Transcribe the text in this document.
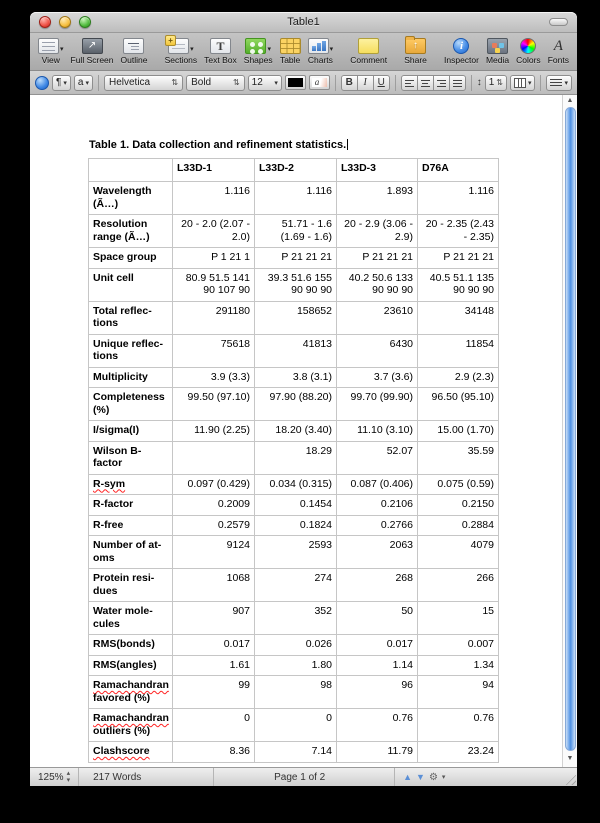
Table1
▾
View
↗ Full Screen Outline
+
▾
Sections
T Text Box
▾
Shapes Table
▾
Charts Comment
↑ Share
i Inspector Media Colors
A Fonts
¶ ▾ a ▾ Helvetica	⇅ Bold	⇅ 12 ▾	a	B	I	U	↕ 1 ⇅	▾	▾

Table 1. Data collection and refinement statistics.

	L33D-1	L33D-2	L33D-3	D76A
Wavelength (Ã…)	1.116	1.116	1.893	1.116
Resolution range (Ã…)	20 - 2.0 (2.07 - 2.0)	51.71 - 1.6 (1.69 - 1.6)	20 - 2.9 (3.06 - 2.9)	20 - 2.35 (2.43 - 2.35)
Space group	P 1 21 1	P 21 21 21	P 21 21 21	P 21 21 21
Unit cell	80.9 51.5 141 90 107 90	39.3 51.6 155 90 90 90	40.2 50.6 133 90 90 90	40.5 51.1 135 90 90 90
Total reflec-tions	291180	158652	23610	34148
Unique reflec-tions	75618	41813	6430	11854
Multiplicity	3.9 (3.3)	3.8 (3.1)	3.7 (3.6)	2.9 (2.3)
Completeness (%)	99.50 (97.10)	97.90 (88.20)	99.70 (99.90)	96.50 (95.10)
I/sigma(I)	11.90 (2.25)	18.20 (3.40)	11.10 (3.10)	15.00 (1.70)
Wilson B-factor		18.29	52.07	35.59
R-sym	0.097 (0.429)	0.034 (0.315)	0.087 (0.406)	0.075 (0.59)
R-factor	0.2009	0.1454	0.2106	0.2150
R-free	0.2579	0.1824	0.2766	0.2884
Number of at-oms	9124	2593	2063	4079
Protein resi-dues	1068	274	268	266
Water mole-cules	907	352	50	15
RMS(bonds)	0.017	0.026	0.017	0.007
RMS(angles)	1.61	1.80	1.14	1.34
Ramachandran favored (%)	99	98	96	94
Ramachandran outliers (%)	0	0	0.76	0.76
Clashscore	8.36	7.14	11.79	23.24
▲
▼
125% ▴
▾ 217 Words	Page 1 of 2	▲ ▼ ⚙ ▾
